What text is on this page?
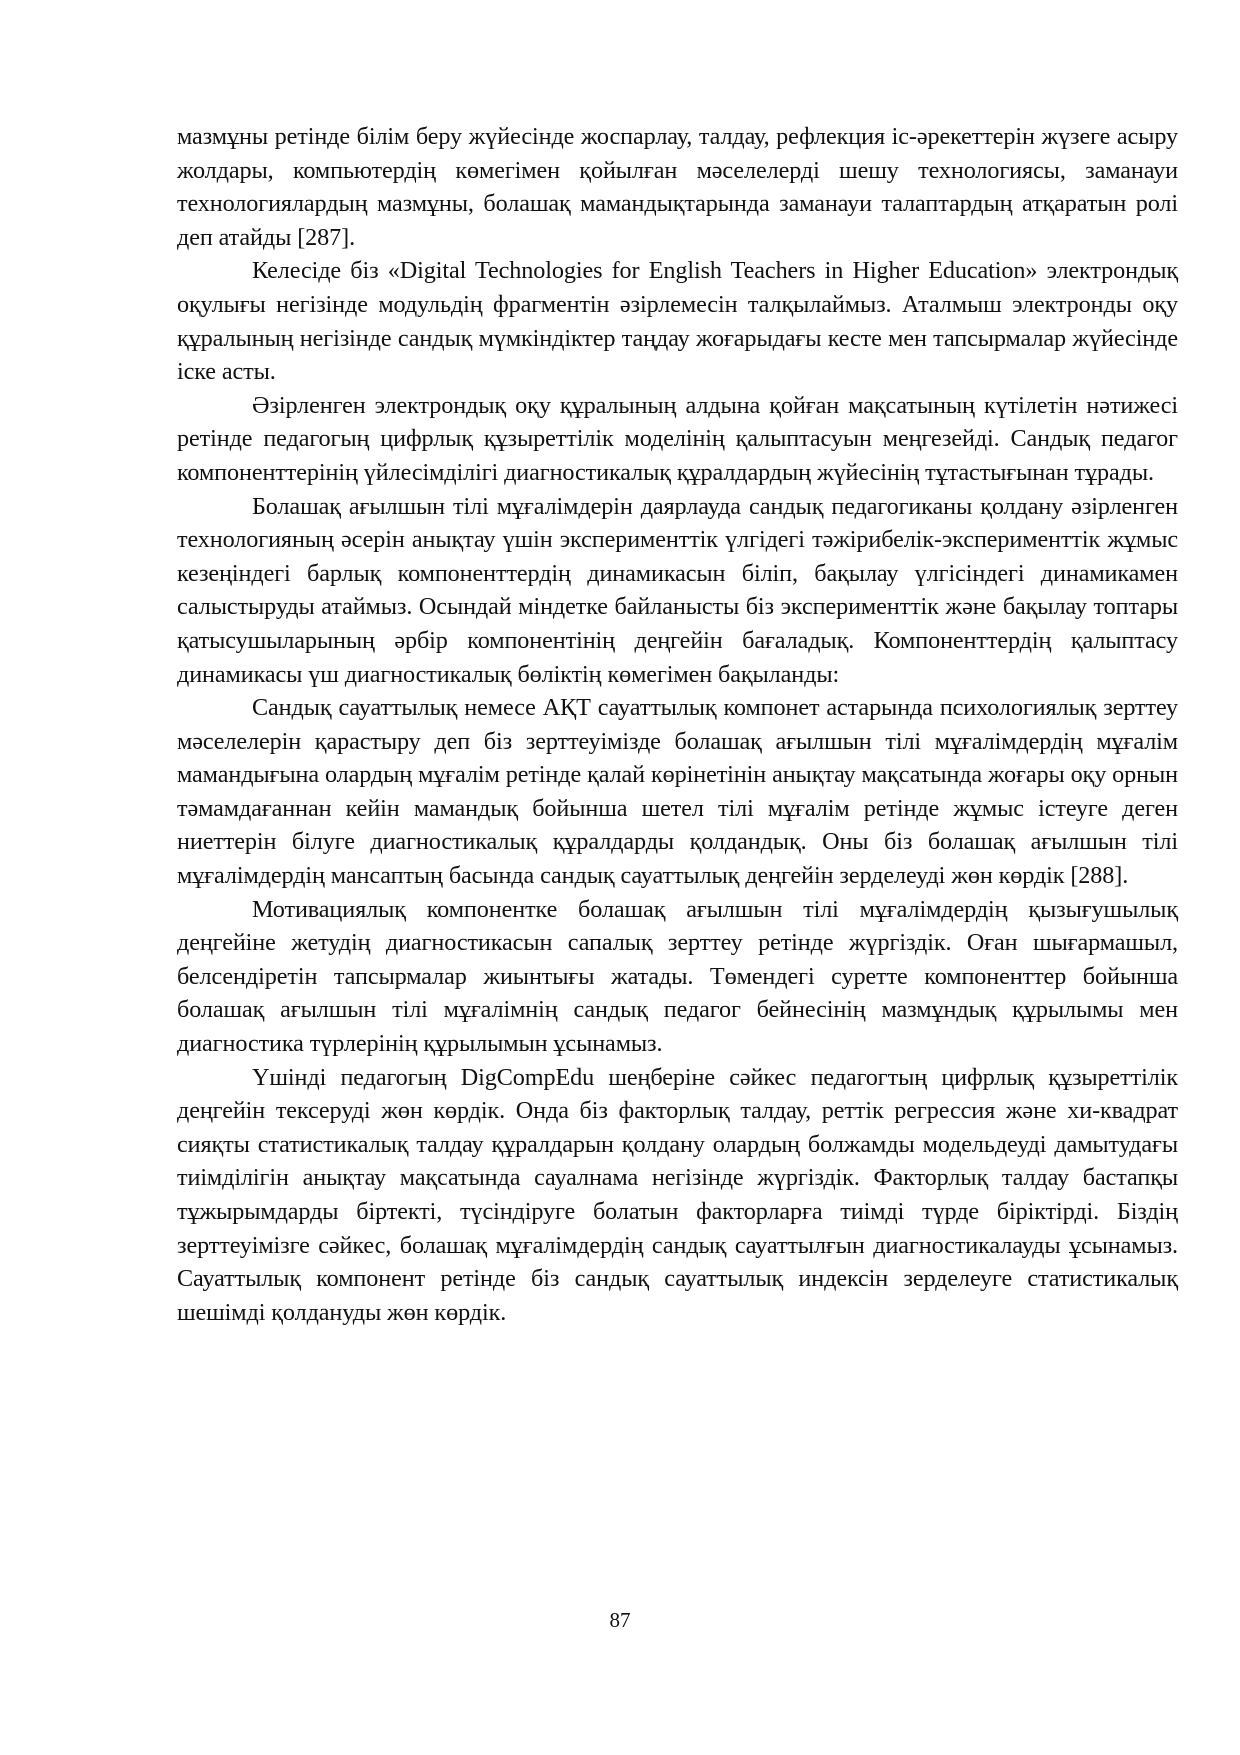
мазмұны ретінде білім беру жүйесінде жоспарлау, талдау, рефлекция іс-әрекеттерін жүзеге асыру жолдары, компьютердің көмегімен қойылған мәселелерді шешу технологиясы, заманауи технологиялардың мазмұны, болашақ мамандықтарында заманауи талаптардың атқаратын ролі деп атайды [287].

Келесіде біз «Digital Technologies for English Teachers in Higher Education» электрондық оқулығы негізінде модульдің фрагментін әзірлемесін талқылаймыз. Аталмыш электронды оқу құралының негізінде сандық мүмкіндіктер таңдау жоғарыдағы кесте мен тапсырмалар жүйесінде іске асты.

Әзірленген электрондық оқу құралының алдына қойған мақсатының күтілетін нәтижесі ретінде педагогың цифрлық құзыреттілік моделінің қалыптасуын меңгезейді. Сандық педагог компоненттерінің үйлесімділігі диагностикалық құралдардың жүйесінің тұтастығынан тұрады.

Болашақ ағылшын тілі мұғалімдерін даярлауда сандық педагогиканы қолдану әзірленген технологияның әсерін анықтау үшін эксперименттік үлгідегі тәжірибелік-эксперименттік жұмыс кезеңіндегі барлық компоненттердің динамикасын біліп, бақылау үлгісіндегі динамикамен салыстыруды атаймыз. Осындай міндетке байланысты біз эксперименттік және бақылау топтары қатысушыларының әрбір компонентінің деңгейін бағаладық. Компоненттердің қалыптасу динамикасы үш диагностикалық бөліктің көмегімен бақыланды:

Сандық сауаттылық немесе АҚТ сауаттылық компонет астарында психологиялық зерттеу мәселелерін қарастыру деп біз зерттеуімізде болашақ ағылшын тілі мұғалімдердің мұғалім мамандығына олардың мұғалім ретінде қалай көрінетінін анықтау мақсатында жоғары оқу орнын тәмамдағаннан кейін мамандық бойынша шетел тілі мұғалім ретінде жұмыс істеуге деген ниеттерін білуге диагностикалық құралдарды қолдандық. Оны біз болашақ ағылшын тілі мұғалімдердің мансаптың басында сандық сауаттылық деңгейін зерделеуді жөн көрдік [288].

Мотивациялық компонентке болашақ ағылшын тілі мұғалімдердің қызығушылық деңгейіне жетудің диагностикасын сапалық зерттеу ретінде жүргіздік. Оған шығармашыл, белсендіретін тапсырмалар жиынтығы жатады. Төмендегі суретте компоненттер бойынша болашақ ағылшын тілі мұғалімнің сандық педагог бейнесінің мазмұндық құрылымы мен диагностика түрлерінің құрылымын ұсынамыз.

Үшінді педагогың DigCompEdu шеңберіне сәйкес педагогтың цифрлық құзыреттілік деңгейін тексеруді жөн көрдік. Онда біз факторлық талдау, реттік регрессия және хи-квадрат сияқты статистикалық талдау құралдарын қолдану олардың болжамды модельдеуді дамытудағы тиімділігін анықтау мақсатында сауалнама негізінде жүргіздік. Факторлық талдау бастапқы тұжырымдарды біртекті, түсіндіруге болатын факторларға тиімді түрде біріктірді. Біздің зерттеуімізге сәйкес, болашақ мұғалімдердің сандық сауаттылғын диагностикалауды ұсынамыз. Сауаттылық компонент ретінде біз сандық сауаттылық индексін зерделеуге статистикалық шешімді қолдануды жөн көрдік.

87
